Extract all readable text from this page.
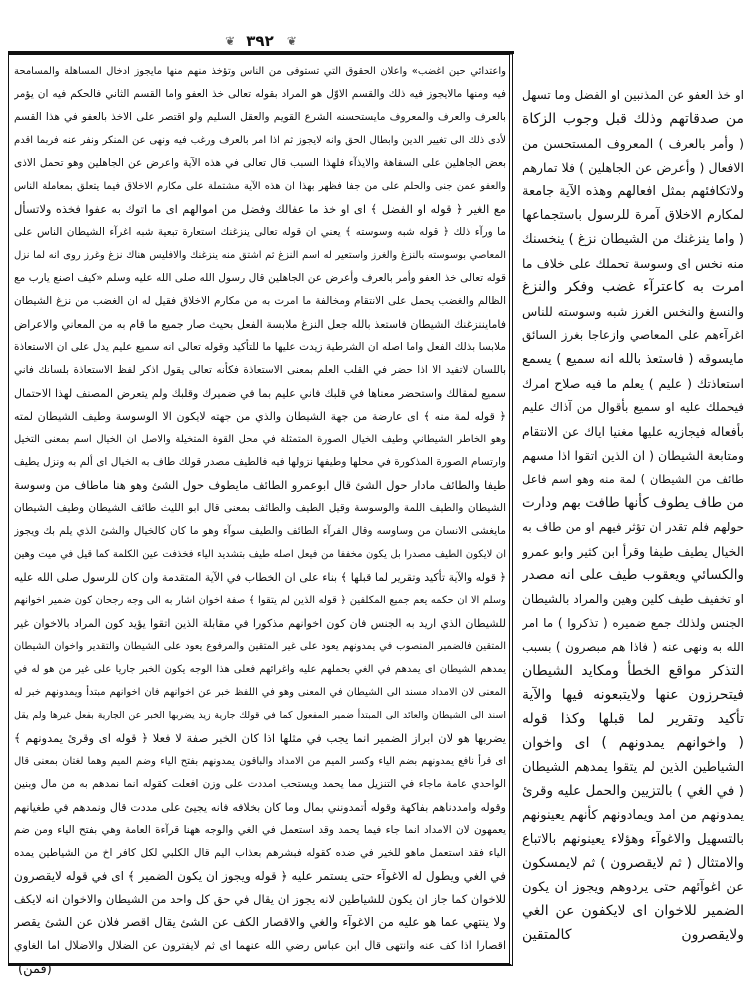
❦ ٣٩٢ ❦
واعتدائي حين اغضب» واعلان الحقوق التي تستوفى من الناس وتؤخذ منهم منها مايجوز ادخال المساهلة والمسامحة
فيه ومنها مالايجوز فيه ذلك والقسم الاوّل هو المراد بقوله تعالى خذ العفو واما القسم الثاني فالحكم فيه ان يؤمر
بالعرف والعرف والمعروف مايستحسنه الشرع القويم والعقل السليم ولو اقتصر على الاخذ بالعفو في هذا القسم
لأدى ذلك الى تغيير الدين وابطال الحق وانه لايجوز ثم اذا امر بالعرف ورغب فيه ونهى عن المنكر ونفر عنه فربما اقدم
بعض الجاهلين على السفاهة والايذآء فلهذا السبب قال تعالى في هذه الآية واعرض عن الجاهلين وهو تحمل الاذى
والعفو عمن جنى والحلم على من جفا فظهر بهذا ان هذه الآية مشتملة على مكارم الاخلاق فيما يتعلق بمعاملة الناس
مع الغير ﴿ قوله او الفضل ﴾ اى او خذ ما عفالك وفضل من اموالهم اى ما اتوك به عفوا فخذه ولاتسأل
ما ورآء ذلك ﴿ قوله شبه وسوسته ﴾ يعني ان قوله تعالى ينزغنك استعارة تبعية شبه اغرآء الشيطان الناس على
المعاصي بوسوسته بالنزغ والغرز واستعير له اسم النزغ ثم اشتق منه ينزغنك والافليس هناك نزغ وغرز روى انه لما نزل
قوله تعالى خذ العفو وأمر بالعرف وأعرض عن الجاهلين قال رسول الله صلى الله عليه وسلم «كيف اصنع يارب مع
الظالم والغضب يحمل على الانتقام ومخالفة ما امرت به من مكارم الاخلاق فقيل له ان الغضب من نزغ الشيطان
فامايننزغنك الشيطان فاستعذ بالله جعل النزغ ملابسة الفعل بحيث صار جميع ما قام به من المعاني والاعراض
ملابسا بذلك الفعل واما اصله ان الشرطية زيدت عليها ما للتأكيد وقوله تعالى انه سميع عليم يدل على ان الاستعاذة
باللسان لاتفيد الا اذا حضر في القلب العلم بمعنى الاستعاذة فكأنه تعالى يقول اذكر لفظ الاستعاذة بلسانك فاني
سميع لمقالك واستحضر معناها في قلبك فاني عليم بما في ضميرك وقلبك ولم يتعرض المصنف لهذا الاحتمال
﴿ قوله لمة منه ﴾ اى عارضة من جهة الشيطان والذي من جهته لايكون الا الوسوسة وطيف الشيطان لمته
وهو الخاطر الشيطاني وطيف الخيال الصورة المتمثلة في محل القوة المتخيلة والاصل ان الخيال اسم بمعنى التخيل
وارتسام الصورة المذكورة في محلها وطيفها نزولها فيه فالطيف مصدر قولك طاف به الخيال اى ألم به ونزل يطيف
طيفا والطائف مادار حول الشئ قال ابوعمرو الطائف مايطوف حول الشئ وهو هنا ماطاف من وسوسة
الشيطان والطيف اللمة والوسوسة وقيل الطيف والطائف بمعنى قال ابو الليث طائف الشيطان وطيف الشيطان
مايغشى الانسان من وساوسه وقال الفرآء الطائف والطيف سوآء وهو ما كان كالخيال والشئ الذي يلم بك ويجوز
ان لايكون الطيف مصدرا بل يكون مخففا من فيعل اصله طيف بتشديد الياء فخذفت عين الكلمة كما قيل في ميت وهين
﴿ قوله والآية تأكيد وتقرير لما قبلها ﴾ بناء على ان الخطاب في الآية المتقدمة وان كان للرسول صلى الله عليه
وسلم الا ان حكمه يعم جميع المكلفين ﴿ قوله الذين لم يتقوا ﴾ صفة اخوان اشار به الى وجه رجحان كون ضمير اخوانهم
للشيطان الذي اريد به الجنس فان كون اخوانهم مذكورا في مقابلة الذين اتقوا يؤيد كون المراد بالاخوان غير
المتقين فالضمير المنصوب في يمدونهم يعود على غير المتقين والمرفوع يعود على الشيطان والتقدير واخوان الشيطان
يمدهم الشيطان اى يمدهم في الغي بحملهم عليه واغرائهم فعلى هذا الوجه يكون الخبر جاريا على غير من هو له في
المعنى لان الامداد مسند الى الشيطان في المعنى وهو في اللفظ خبر عن اخوانهم فان اخوانهم مبتدأ ويمدونهم خبر له
اسند الى الشيطان والعائد الى المبتدأ ضمير المفعول كما في قولك جارية زيد يضربها الخبر عن الجارية بفعل غيرها ولم يقل
يضربها هو لان ابراز الضمير انما يجب في مثلها اذا كان الخبر صفة لا فعلا ﴿ قوله اى وقرئ يمدونهم ﴾
اى قرأ نافع يمدونهم بضم الياء وكسر الميم من الامداد والباقون يمدونهم بفتح الياء وضم الميم وهما لغتان بمعنى قال
الواحدي عامة ماجاء في التنزيل مما يحمد ويستحب امددت على وزن افعلت كقوله انما نمدهم به من مال وبنين
وقوله وامددناهم بفاكهة وقوله أتمدونني بمال وما كان بخلافه فانه يجيئ على مددت قال ونمدهم في طغيانهم
يعمهون لان الامداد انما جاء فيما يحمد وقد استعمل في الغي والوجه ههنا قرآءة العامة وهي بفتح الياء ومن ضم
الياء فقد استعمل ماهو للخير في ضده كقوله فبشرهم بعذاب اليم قال الكلبي لكل كافر اخ من الشياطين يمده
في الغي ويطول له الاغوآء حتى يستمر عليه ﴿ قوله ويجوز ان يكون الضمير ﴾ اى في قوله لايقصرون
للاخوان كما جاز ان يكون للشياطين لانه يجوز ان يقال في حق كل واحد من الشيطان والاخوان انه لايكف
ولا ينتهي عما هو عليه من الاغوآء والغي والاقصار الكف عن الشئ يقال اقصر فلان عن الشئ يقصر
اقصارا اذا كف عنه وانتهى قال ابن عباس رضي الله عنهما اى ثم لايفترون عن الضلال والاضلال اما الغاوي
او خذ العفو عن المذنبين او الفضل وما تسهل
من صدقاتهم وذلك قبل وجوب الزكاة
( وأمر بالعرف ) المعروف المستحسن من
الافعال ( وأعرض عن الجاهلين ) فلا تمارهم
ولاتكافئهم بمثل افعالهم وهذه الآية جامعة
لمكارم الاخلاق آمرة للرسول باستجماعها
( واما ينزغنك من الشيطان نزغ ) ينخسنك
منه نخس اى وسوسة تحملك على خلاف ما
امرت به كاعترآء غضب وفكر والنزغ
والنسغ والنخس الغرز شبه وسوسته للناس
اغرآءهم على المعاصي وازعاجا بغرز السائق
مايسوقه ( فاستعذ بالله انه سميع ) يسمع
استعاذتك ( عليم ) يعلم ما فيه صلاح امرك
فيحملك عليه او سميع بأقوال من آذاك عليم
بأفعاله فيجازيه عليها مغنيا اياك عن الانتقام
ومتابعة الشيطان ( ان الذين اتقوا اذا مسهم
طائف من الشيطان ) لمة منه وهو اسم فاعل
من طاف يطوف كأنها طافت بهم ودارت
حولهم فلم تقدر ان تؤثر فيهم او من طاف به
الخيال يطيف طيفا وقرأ ابن كثير وابو عمرو
والكسائي ويعقوب طيف على انه مصدر
او تخفيف طيف كلين وهين والمراد بالشيطان
الجنس ولذلك جمع ضميره ( تذكروا ) ما امر
الله به ونهى عنه ( فاذا هم مبصرون ) بسبب
التذكر مواقع الخطأ ومكايد الشيطان
فيتحرزون عنها ولايتبعونه فيها والآية
تأكيد وتقرير لما قبلها وكذا قوله
( واخوانهم يمدونهم ) اى واخوان
الشياطين الذين لم يتقوا يمدهم الشيطان
( في الغي ) بالتزيين والحمل عليه وقرئ
يمدونهم من امد ويمادونهم كأنهم يعينونهم
بالتسهيل والاغوآء وهؤلاء يعينونهم بالاتباع
والامتثال ( ثم لايقصرون ) ثم لايمسكون
عن اغوآئهم حتى يردوهم ويجوز ان يكون
الضمير للاخوان اى لايكفون عن الغي
ولايقصرون كالمتقين
(فمن)
